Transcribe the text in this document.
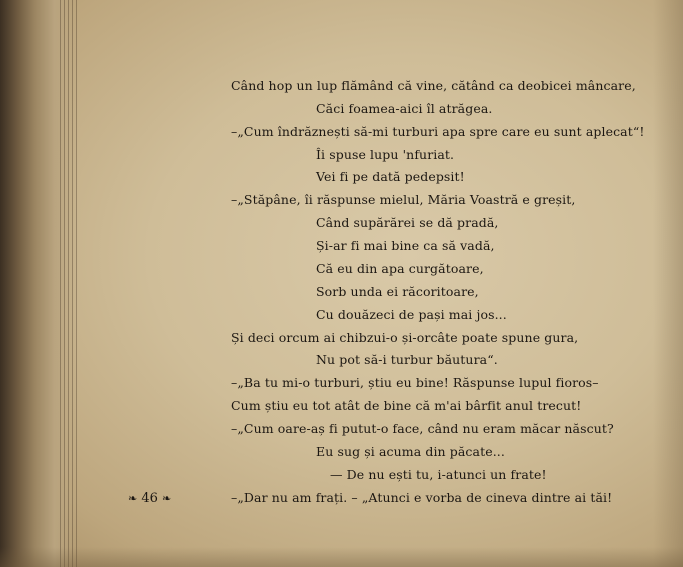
Când hop un lup flămând că vine, cătând ca deobicei mâncare,
Căci foamea-aici îl atrăgea.
–„Cum îndrăznești să-mi turburi apa spre care eu sunt aplecat“!
Îi spuse lupu 'nfuriat.
Vei fi pe dată pedepsit!
–„Stăpâne, îi răspunse mielul, Măria Voastră e greșit,
Când supărărei se dă pradă,
Și-ar fi mai bine ca să vadă,
Că eu din apa curgătoare,
Sorb unda ei răcoritoare,
Cu douăzeci de pași mai jos...
Și deci orcum ai chibzui-o și-orcâte poate spune gura,
Nu pot să-i turbur băutura“.
–„Ba tu mi-o turburi, știu eu bine! Răspunse lupul fioros–
Cum știu eu tot atât de bine că m'ai bârfit anul trecut!
–„Cum oare-aș fi putut-o face, când nu eram măcar născut?
Eu sug și acuma din păcate...
— De nu ești tu, i-atunci un frate!
–„Dar nu am frați. – „Atunci e vorba de cineva dintre ai tăi!
❧ 46 ❧
